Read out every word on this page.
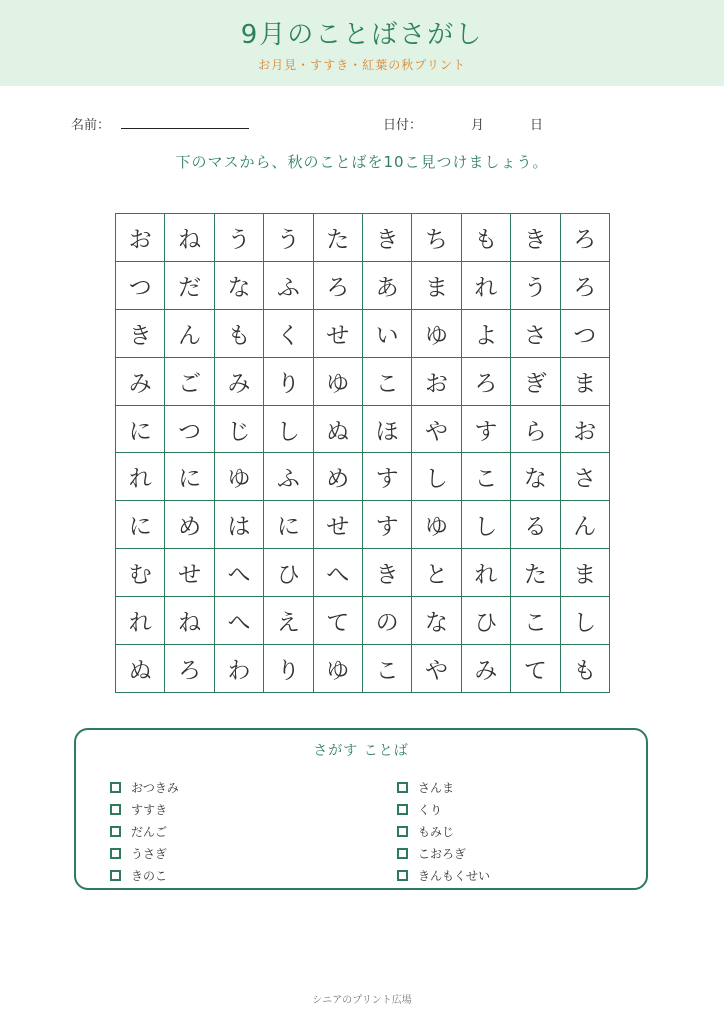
9月のことばさがし
お月見・すすき・紅葉の秋プリント
名前：	日付：	月	日
下のマスから、秋のことばを10こ見つけましょう。
お	ね	う	う	た	き	ち	も	き	ろ
つ	だ	な	ふ	ろ	あ	ま	れ	う	ろ
き	ん	も	く	せ	い	ゆ	よ	さ	つ
み	ご	み	り	ゆ	こ	お	ろ	ぎ	ま
に	つ	じ	し	ぬ	ほ	や	す	ら	お
れ	に	ゆ	ふ	め	す	し	こ	な	さ
に	め	は	に	せ	す	ゆ	し	る	ん
む	せ	へ	ひ	へ	き	と	れ	た	ま
れ	ね	へ	え	て	の	な	ひ	こ	し
ぬ	ろ	わ	り	ゆ	こ	や	み	て	も
さがす ことば
おつきみ
すすき
だんご
うさぎ
きのこ
さんま
くり
もみじ
こおろぎ
きんもくせい
シニアのプリント広場
